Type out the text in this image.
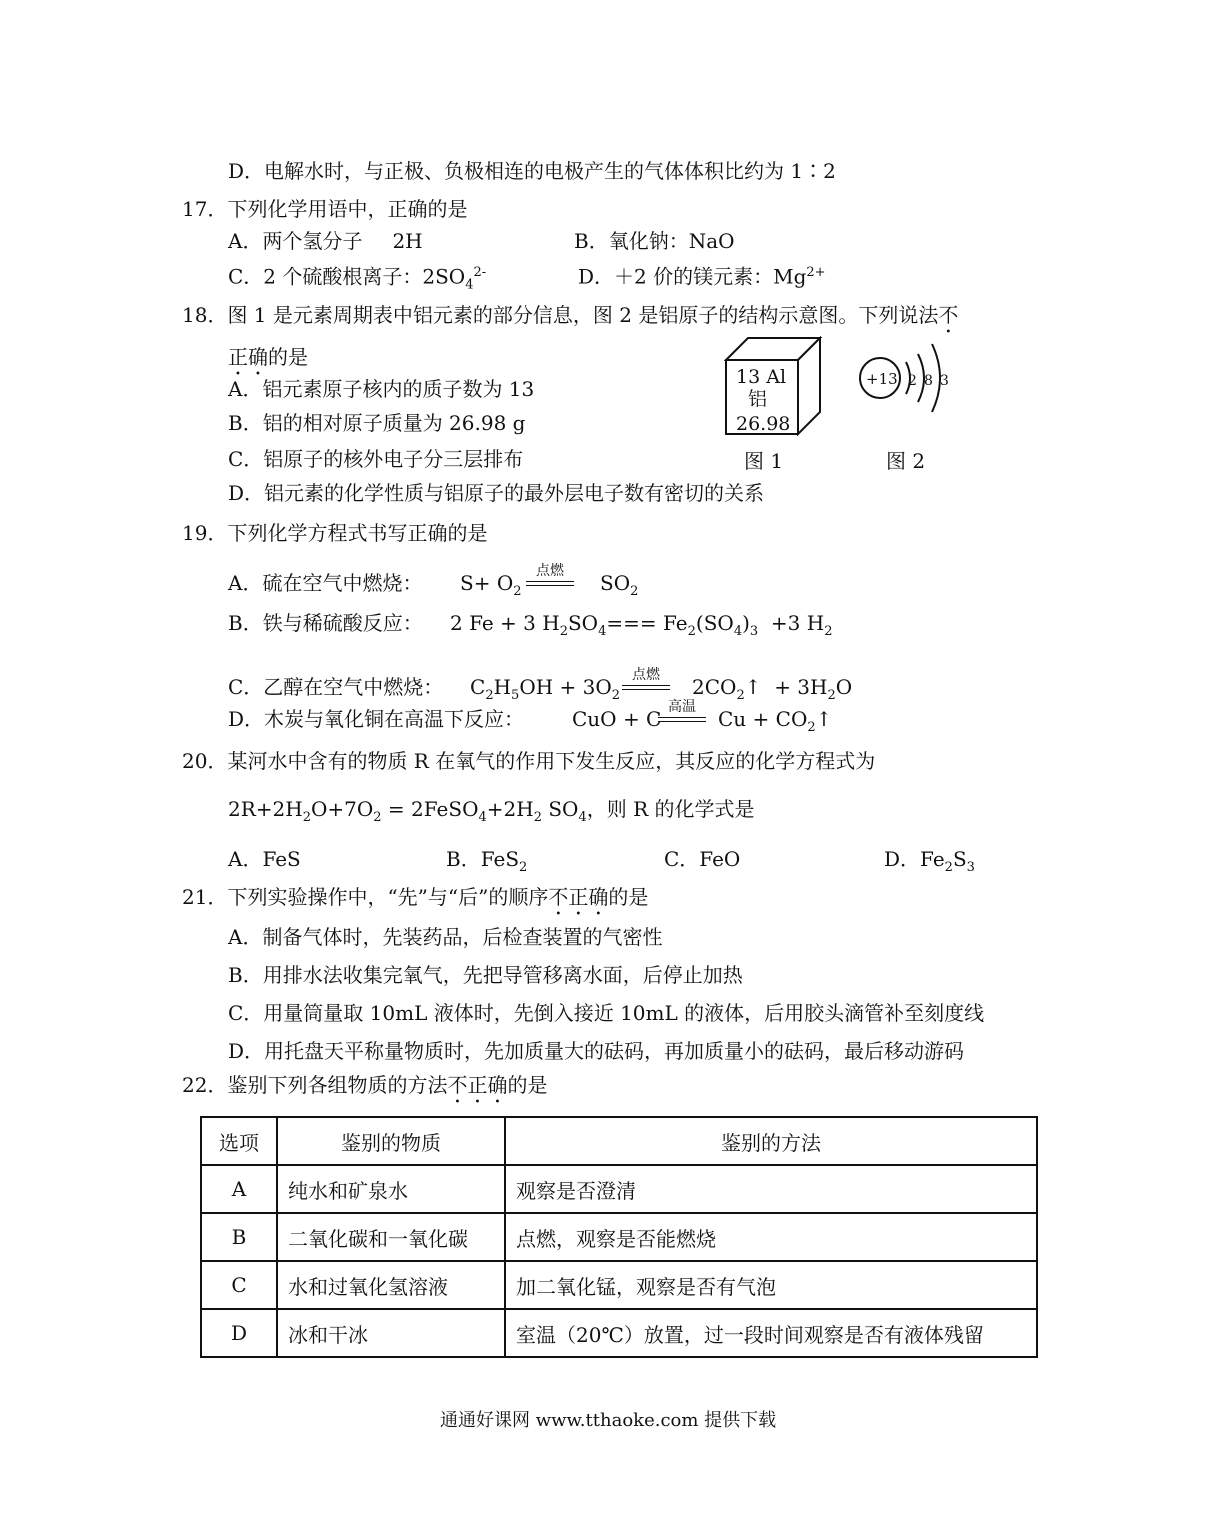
D．电解水时，与正极、负极相连的电极产生的气体体积比约为 1∶2
17．下列化学用语中，正确的是
A．两个氢分子 2H	B．氧化钠：NaO
C．2 个硫酸根离子：$2SO_4^{2-}$	D．＋2 价的镁元素：$Mg^{2+}$
18．图 1 是元素周期表中铝元素的部分信息，图 2 是铝原子的结构示意图。下列说法不
正确的是
A．铝元素原子核内的质子数为 13
B．铝的相对原子质量为 26.98 g
C．铝原子的核外电子分三层排布
D．铝元素的化学性质与铝原子的最外层电子数有密切的关系
13 Al
铝
26.98
图 1
+13 2 8 3
图 2
19．下列化学方程式书写正确的是
A．硫在空气中燃烧： $S+ O_2$
点燃	$SO_2$
B．铁与稀硫酸反应： 2 Fe + 3 $H_2SO_4=== Fe_2(SO_4)_3 +3$ $H_2$
C．乙醇在空气中燃烧： $C_2H_5OH + 3O_2$
点燃	$2CO_2↑ + 3H_2O$
D．木炭与氧化铜在高温下反应： CuO + C 高温	$Cu + CO_2↑$
20．某河水中含有的物质 R 在氧气的作用下发生反应，其反应的化学方程式为
$2R+2H_2O+7O_2$ = $2FeSO_4+2H_2$ $SO_4$，则 R 的化学式是
A．FeS	B．FeS$_2$	C．FeO	D．$Fe_2S_3$
21．下列实验操作中，“先”与“后”的顺序不正确的是
A．制备气体时，先装药品，后检查装置的气密性
B．用排水法收集完氧气，先把导管移离水面，后停止加热
C．用量筒量取 10mL 液体时，先倒入接近 10mL 的液体，后用胶头滴管补至刻度线
D．用托盘天平称量物质时，先加质量大的砝码，再加质量小的砝码，最后移动游码
22．鉴别下列各组物质的方法不正确的是
选项	鉴别的物质	鉴别的方法
A	纯水和矿泉水	观察是否澄清
B	二氧化碳和一氧化碳	点燃，观察是否能燃烧
C	水和过氧化氢溶液	加二氧化锰，观察是否有气泡
D	冰和干冰	室温（20℃）放置，过一段时间观察是否有液体残留
通通好课网 www.tthaoke.com 提供下载
